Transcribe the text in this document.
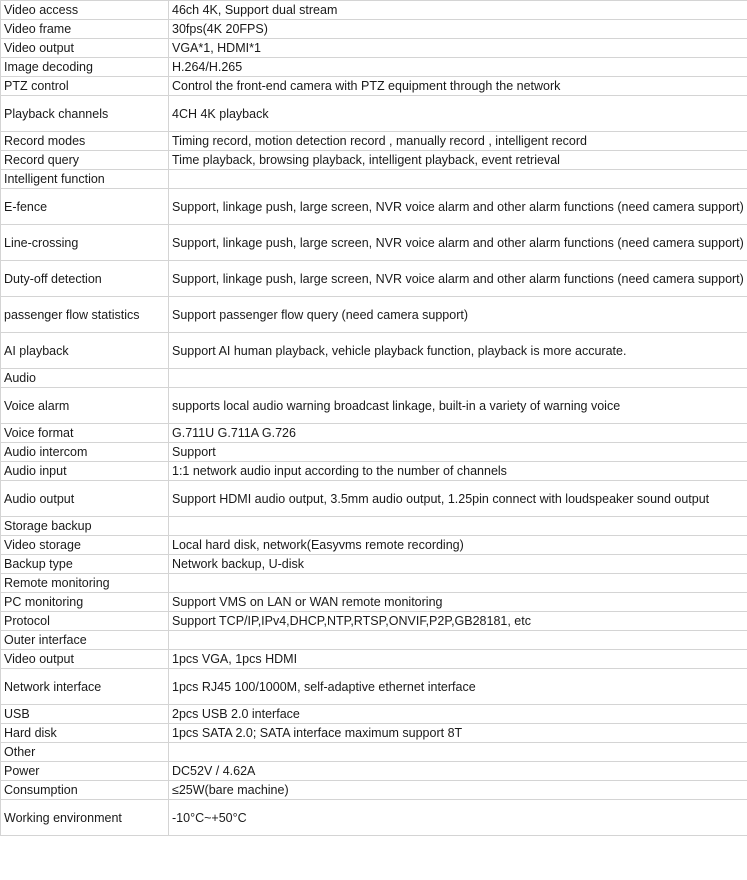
Video access	46ch 4K, Support dual stream
Video frame	30fps(4K 20FPS)
Video output	VGA*1, HDMI*1
Image decoding	H.264/H.265
PTZ control	Control the front-end camera with PTZ equipment through the network
Playback channels	4CH 4K playback
Record modes	Timing record, motion detection record , manually record , intelligent record
Record query	Time playback, browsing playback, intelligent playback, event retrieval
Intelligent function	
E-fence	Support, linkage push, large screen, NVR voice alarm and other alarm functions (need camera support)
Line-crossing	Support, linkage push, large screen, NVR voice alarm and other alarm functions (need camera support)
Duty-off detection	Support, linkage push, large screen, NVR voice alarm and other alarm functions (need camera support)
passenger flow statistics	Support passenger flow query (need camera support)
AI playback	Support AI human playback, vehicle playback function, playback is more accurate.
Audio	
Voice alarm	supports local audio warning broadcast linkage, built-in a variety of warning voice
Voice format	G.711U G.711A G.726
Audio intercom	Support
Audio input	1:1 network audio input according to the number of channels
Audio output	Support HDMI audio output, 3.5mm audio output, 1.25pin connect with loudspeaker sound output
Storage backup	
Video storage	Local hard disk, network(Easyvms remote recording)
Backup type	Network backup, U-disk
Remote monitoring	
PC monitoring	Support VMS on LAN or WAN remote monitoring
Protocol	Support TCP/IP,IPv4,DHCP,NTP,RTSP,ONVIF,P2P,GB28181, etc
Outer interface	
Video output	1pcs VGA, 1pcs HDMI
Network interface	1pcs RJ45 100/1000M, self-adaptive ethernet interface
USB	2pcs USB 2.0 interface
Hard disk	1pcs SATA 2.0; SATA interface maximum support 8T
Other	
Power	DC52V / 4.62A
Consumption	≤25W(bare machine)
Working environment	-10°C~+50°C
